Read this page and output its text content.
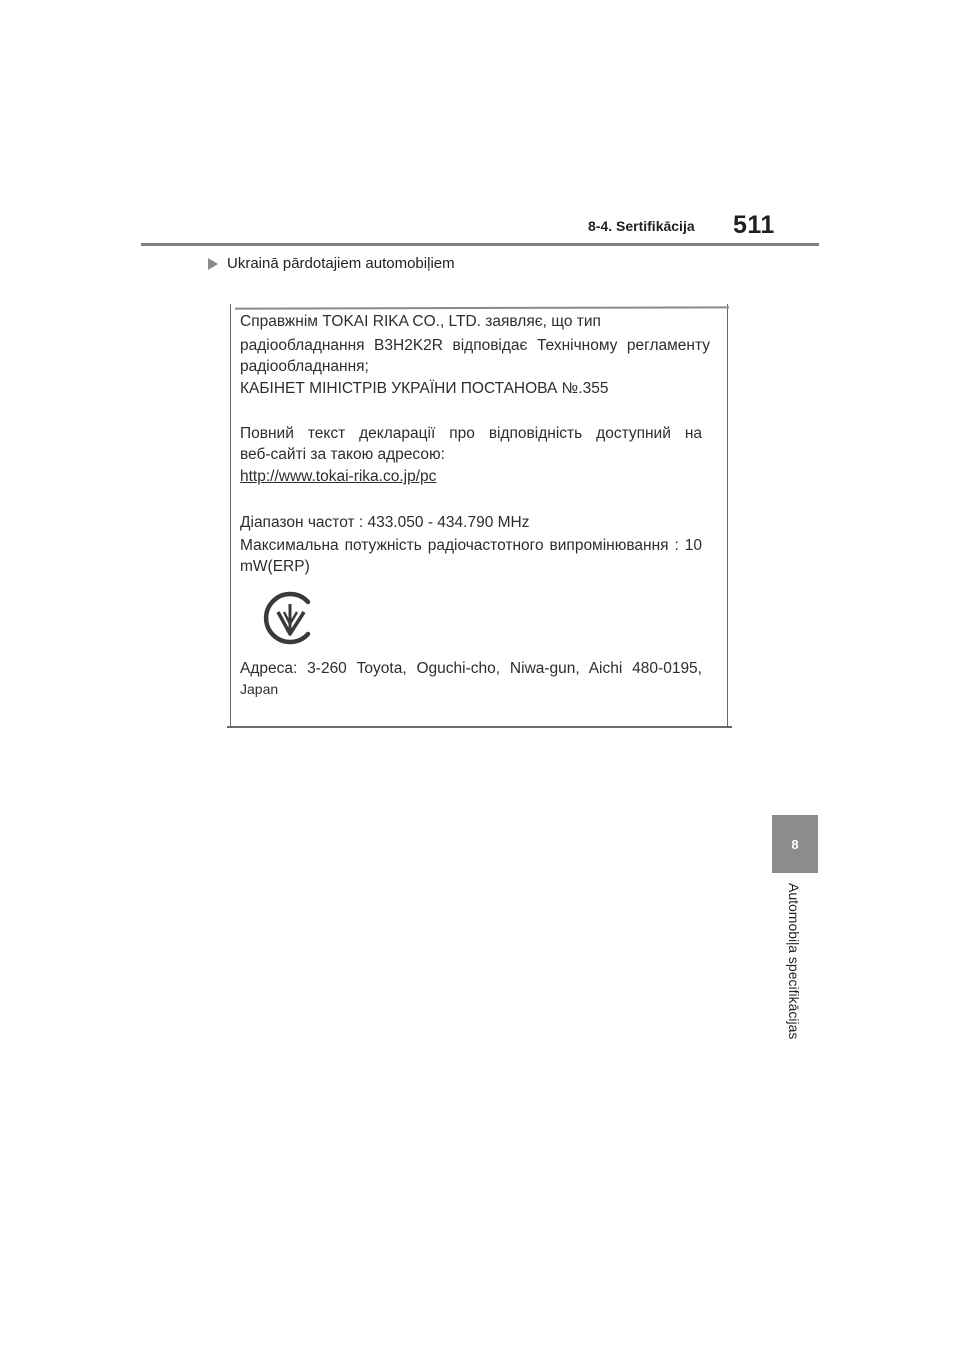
8-4. Sertifikācija 511
Ukrainā pārdotajiem automobiļiem
Справжнім TOKAI RIKA CO., LTD. заявляє, що тип
радіообладнання B3H2K2R відповідає Технічному регламенту
радіообладнання;
КАБІНЕТ МІНІСТРІВ УКРАЇНИ ПОСТАНОВА №.355
Повний текст декларації про відповідність доступний на
веб-сайті за такою адресою:
http://www.tokai-rika.co.jp/pc
Діапазон частот : 433.050 - 434.790 MHz
Максимальна потужність радіочастотного випромінювання : 10
mW(ERP)
Адреса: 3-260 Toyota, Oguchi-cho, Niwa-gun, Aichi 480-0195,
Japan
8
Automobiļa specifikācijas
